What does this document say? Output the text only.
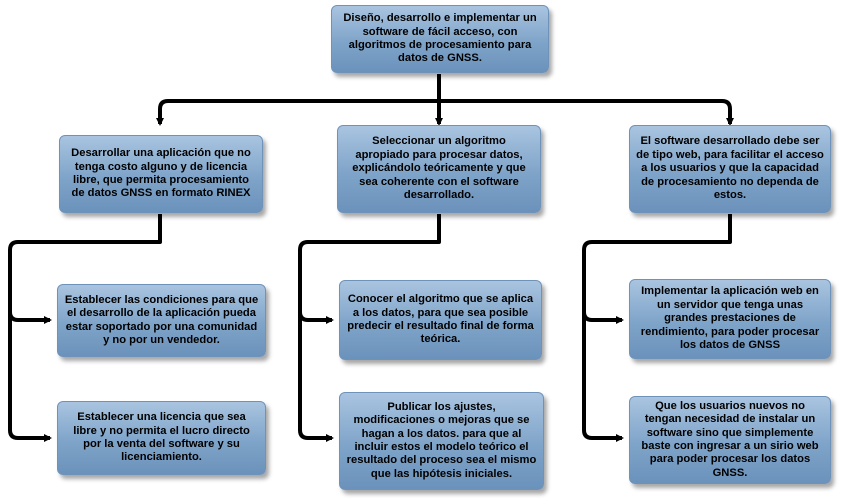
Diseño, desarrollo e implementar un software de fácil acceso, con algoritmos de procesamiento para datos de GNSS.
Desarrollar una aplicación que no tenga costo alguno y de licencia libre, que permita procesamiento de datos GNSS en formato RINEX
Seleccionar un algoritmo apropiado para procesar datos, explicándolo teóricamente y que sea coherente con el software desarrollado.
El software desarrollado debe ser de tipo web, para facilitar el acceso a los usuarios y que la capacidad de procesamiento no dependa de estos.
Establecer las condiciones para que el desarrollo de la aplicación pueda estar soportado por una comunidad y no por un vendedor.
Establecer una licencia que sea libre y no permita el lucro directo por la venta del software y su licenciamiento.
Conocer el algoritmo que se aplica a los datos, para que sea posible predecir el resultado final de forma teórica.
Publicar los ajustes, modificaciones o mejoras que se hagan a los datos. para que al incluir estos el modelo teórico el resultado del proceso sea el mismo que las hipótesis iniciales.
Implementar la aplicación web en un servidor que tenga unas grandes prestaciones de rendimiento, para poder procesar los datos de GNSS
Que los usuarios nuevos no tengan necesidad de instalar un software sino que simplemente baste con ingresar a un sirio web para poder procesar los datos GNSS.
